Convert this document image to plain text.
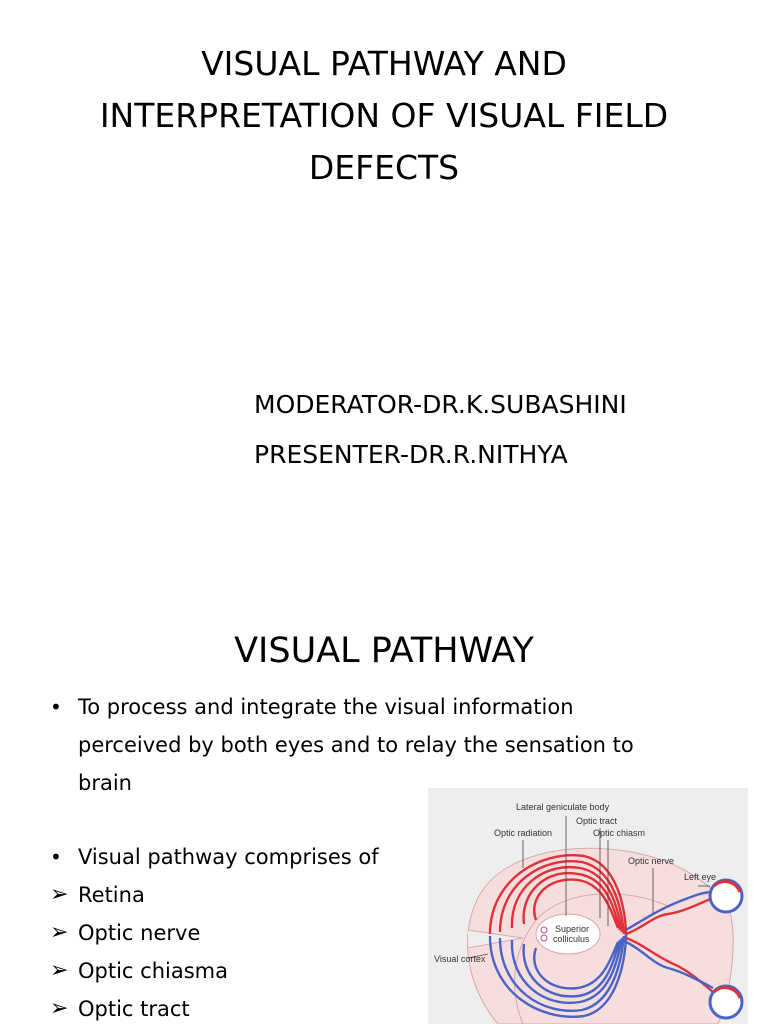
VISUAL PATHWAY AND
INTERPRETATION OF VISUAL FIELD
DEFECTS
MODERATOR-DR.K.SUBASHINI
PRESENTER-DR.R.NITHYA
VISUAL PATHWAY
• To process and integrate the visual information
perceived by both eyes and to relay the sensation to
brain
• Visual pathway comprises of
➢ Retina
➢ Optic nerve
➢ Optic chiasma
➢ Optic tract
Lateral geniculate body
Optic tract
Optic radiation	Optic chiasm
Optic nerve
Left eye
Superior
colliculus
Visual cortex
